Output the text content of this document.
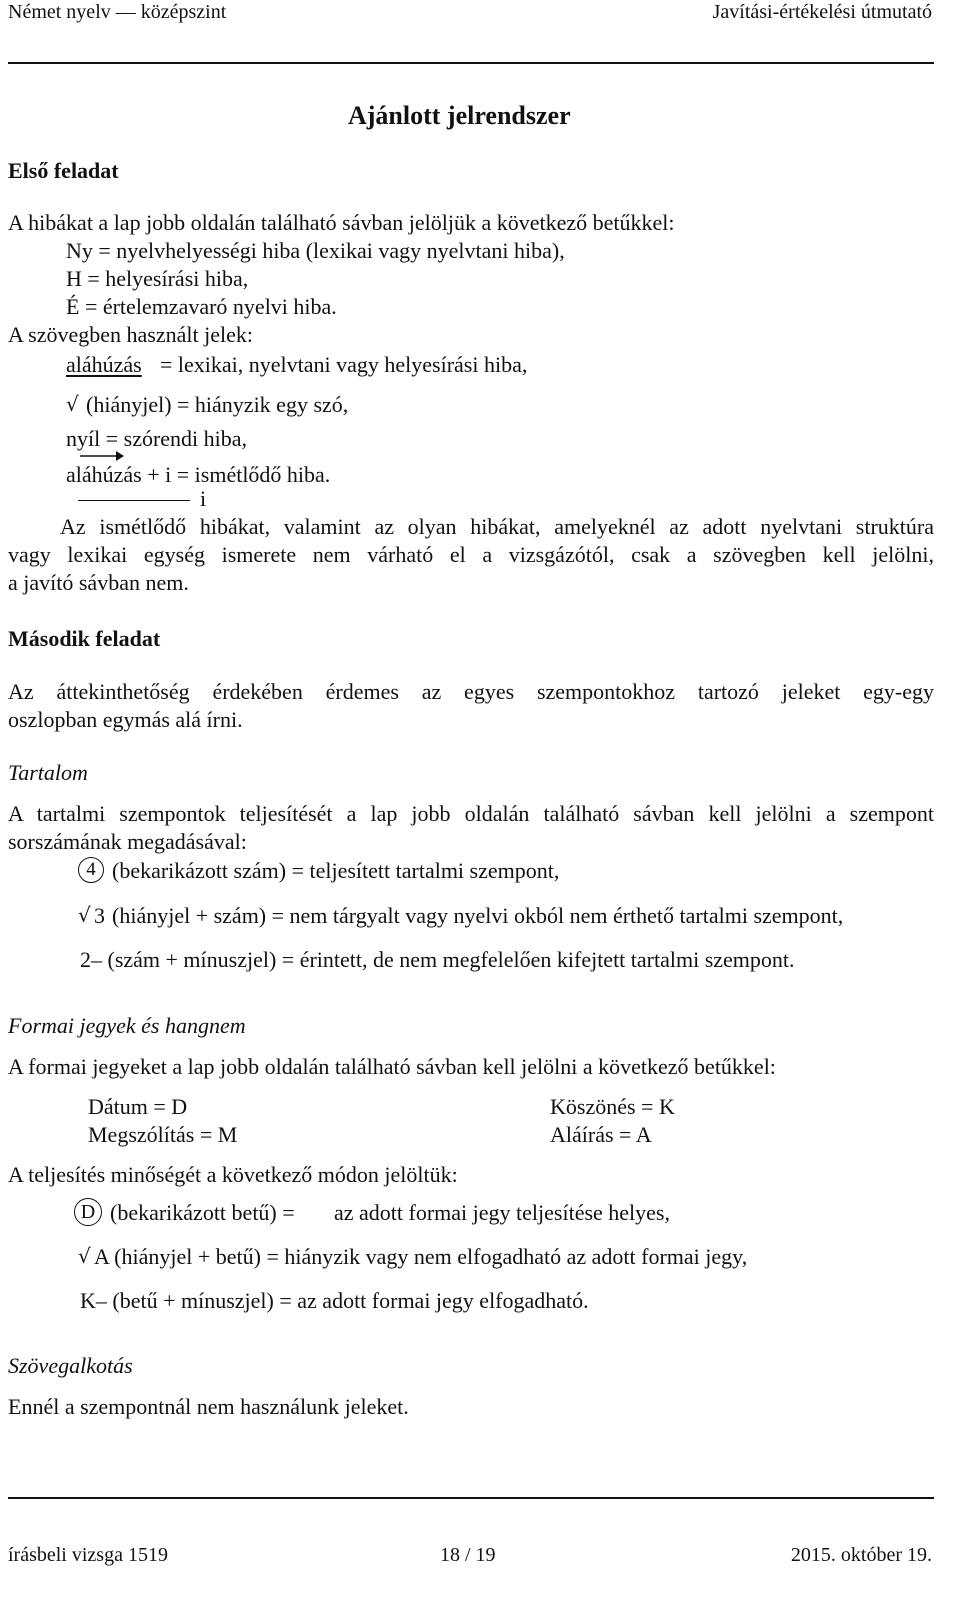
Német nyelv — középszint	Javítási-értékelési útmutató
Ajánlott jelrendszer
Első feladat
A hibákat a lap jobb oldalán található sávban jelöljük a következő betűkkel:
Ny = nyelvhelyességi hiba (lexikai vagy nyelvtani hiba),
H = helyesírási hiba,
É = értelemzavaró nyelvi hiba.
A szövegben használt jelek:
aláhúzás = lexikai, nyelvtani vagy helyesírási hiba,
√ (hiányjel) = hiányzik egy szó,
nyíl = szórendi hiba,
aláhúzás + i = ismétlődő hiba.
i
Az ismétlődő hibákat, valamint az olyan hibákat, amelyeknél az adott nyelvtani struktúra
vagy lexikai egység ismerete nem várható el a vizsgázótól, csak a szövegben kell jelölni,
a javító sávban nem.
Második feladat
Az áttekinthetőség érdekében érdemes az egyes szempontokhoz tartozó jeleket egy-egy
oszlopban egymás alá írni.
Tartalom
A tartalmi szempontok teljesítését a lap jobb oldalán található sávban kell jelölni a szempont
sorszámának megadásával:
4 (bekarikázott szám) = teljesített tartalmi szempont,
√ 3 (hiányjel + szám) = nem tárgyalt vagy nyelvi okból nem érthető tartalmi szempont,
2– (szám + mínuszjel) = érintett, de nem megfelelően kifejtett tartalmi szempont.
Formai jegyek és hangnem
A formai jegyeket a lap jobb oldalán található sávban kell jelölni a következő betűkkel:
Dátum = D
Megszólítás = M
Köszönés = K
Aláírás = A
A teljesítés minőségét a következő módon jelöltük:
D (bekarikázott betű) = az adott formai jegy teljesítése helyes,
√ A (hiányjel + betű) = hiányzik vagy nem elfogadható az adott formai jegy,
K– (betű + mínuszjel) = az adott formai jegy elfogadható.
Szövegalkotás
Ennél a szempontnál nem használunk jeleket.
írásbeli vizsga 1519	18 / 19	2015. október 19.
